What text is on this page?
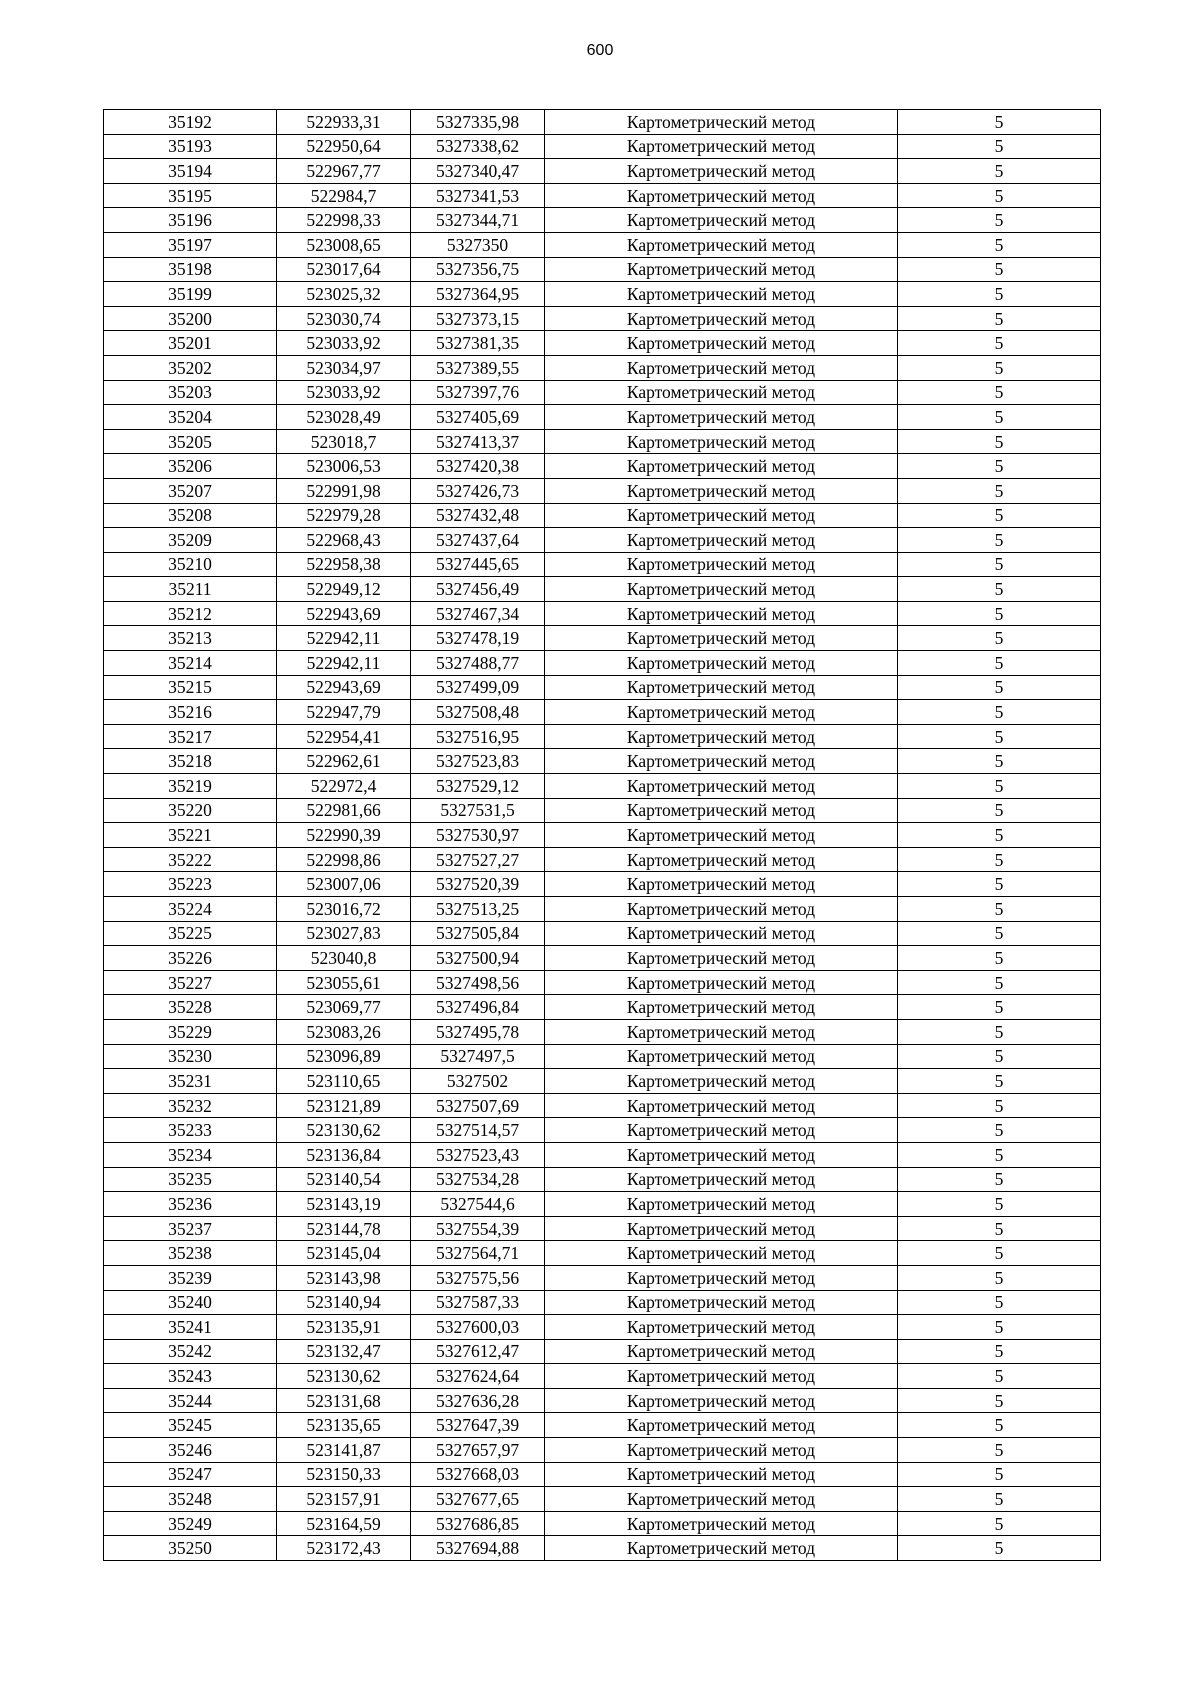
600
35192	522933,31	5327335,98	Картометрический метод	5
35193	522950,64	5327338,62	Картометрический метод	5
35194	522967,77	5327340,47	Картометрический метод	5
35195	522984,7	5327341,53	Картометрический метод	5
35196	522998,33	5327344,71	Картометрический метод	5
35197	523008,65	5327350	Картометрический метод	5
35198	523017,64	5327356,75	Картометрический метод	5
35199	523025,32	5327364,95	Картометрический метод	5
35200	523030,74	5327373,15	Картометрический метод	5
35201	523033,92	5327381,35	Картометрический метод	5
35202	523034,97	5327389,55	Картометрический метод	5
35203	523033,92	5327397,76	Картометрический метод	5
35204	523028,49	5327405,69	Картометрический метод	5
35205	523018,7	5327413,37	Картометрический метод	5
35206	523006,53	5327420,38	Картометрический метод	5
35207	522991,98	5327426,73	Картометрический метод	5
35208	522979,28	5327432,48	Картометрический метод	5
35209	522968,43	5327437,64	Картометрический метод	5
35210	522958,38	5327445,65	Картометрический метод	5
35211	522949,12	5327456,49	Картометрический метод	5
35212	522943,69	5327467,34	Картометрический метод	5
35213	522942,11	5327478,19	Картометрический метод	5
35214	522942,11	5327488,77	Картометрический метод	5
35215	522943,69	5327499,09	Картометрический метод	5
35216	522947,79	5327508,48	Картометрический метод	5
35217	522954,41	5327516,95	Картометрический метод	5
35218	522962,61	5327523,83	Картометрический метод	5
35219	522972,4	5327529,12	Картометрический метод	5
35220	522981,66	5327531,5	Картометрический метод	5
35221	522990,39	5327530,97	Картометрический метод	5
35222	522998,86	5327527,27	Картометрический метод	5
35223	523007,06	5327520,39	Картометрический метод	5
35224	523016,72	5327513,25	Картометрический метод	5
35225	523027,83	5327505,84	Картометрический метод	5
35226	523040,8	5327500,94	Картометрический метод	5
35227	523055,61	5327498,56	Картометрический метод	5
35228	523069,77	5327496,84	Картометрический метод	5
35229	523083,26	5327495,78	Картометрический метод	5
35230	523096,89	5327497,5	Картометрический метод	5
35231	523110,65	5327502	Картометрический метод	5
35232	523121,89	5327507,69	Картометрический метод	5
35233	523130,62	5327514,57	Картометрический метод	5
35234	523136,84	5327523,43	Картометрический метод	5
35235	523140,54	5327534,28	Картометрический метод	5
35236	523143,19	5327544,6	Картометрический метод	5
35237	523144,78	5327554,39	Картометрический метод	5
35238	523145,04	5327564,71	Картометрический метод	5
35239	523143,98	5327575,56	Картометрический метод	5
35240	523140,94	5327587,33	Картометрический метод	5
35241	523135,91	5327600,03	Картометрический метод	5
35242	523132,47	5327612,47	Картометрический метод	5
35243	523130,62	5327624,64	Картометрический метод	5
35244	523131,68	5327636,28	Картометрический метод	5
35245	523135,65	5327647,39	Картометрический метод	5
35246	523141,87	5327657,97	Картометрический метод	5
35247	523150,33	5327668,03	Картометрический метод	5
35248	523157,91	5327677,65	Картометрический метод	5
35249	523164,59	5327686,85	Картометрический метод	5
35250	523172,43	5327694,88	Картометрический метод	5
